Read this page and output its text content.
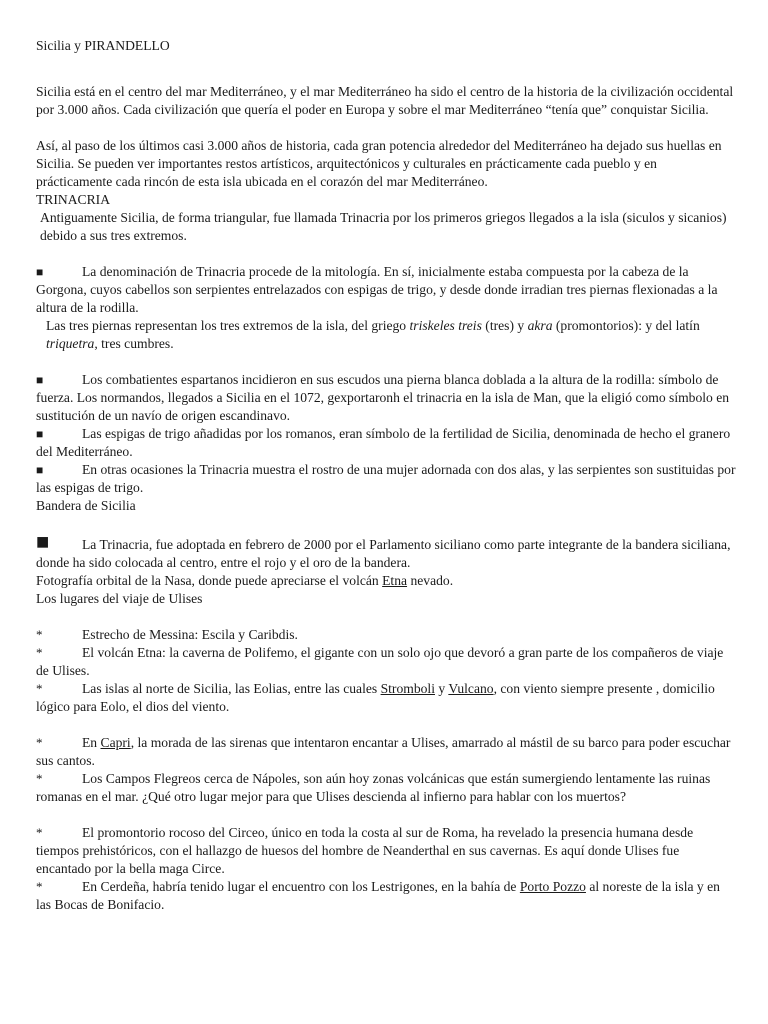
Sicilia y PIRANDELLO

Sicilia está en el centro del mar Mediterráneo, y el mar Mediterráneo ha sido el centro de la historia de la civilización occidental por 3.000 años. Cada civilización que quería el poder en Europa y sobre el mar Mediterráneo “tenía que” conquistar Sicilia.

Así, al paso de los últimos casi 3.000 años de historia, cada gran potencia alrededor del Mediterráneo ha dejado sus huellas en Sicilia. Se pueden ver importantes restos artísticos, arquitectónicos y culturales en prácticamente cada pueblo y en prácticamente cada rincón de esta isla ubicada en el corazón del mar Mediterráneo.

TRINACRIA

Antiguamente Sicilia, de forma triangular, fue llamada Trinacria por los primeros griegos llegados a la isla (siculos y sicanios) debido a sus tres extremos.

■	La denominación de Trinacria procede de la mitología. En sí, inicialmente estaba compuesta por la cabeza de la Gorgona, cuyos cabellos son serpientes entrelazados con espigas de trigo, y desde donde irradian tres piernas flexionadas a la altura de la rodilla.

Las tres piernas representan los tres extremos de la isla, del griego triskeles treis (tres) y akra (promontorios): y del latín triquetra, tres cumbres.

■	Los combatientes espartanos incidieron en sus escudos una pierna blanca doblada a la altura de la rodilla: símbolo de fuerza. Los normandos, llegados a Sicilia en el 1072, gexportaronh el trinacria en la isla de Man, que la eligió como símbolo en sustitución de un navío de origen escandinavo.

■	Las espigas de trigo añadidas por los romanos, eran símbolo de la fertilidad de Sicilia, denominada de hecho el granero del Mediterráneo.

■	En otras ocasiones la Trinacria muestra el rostro de una mujer adornada con dos alas, y las serpientes son sustituidas por las espigas de trigo.

Bandera de Sicilia

■ La Trinacria, fue adoptada en febrero de 2000 por el Parlamento siciliano como parte integrante de la bandera siciliana, donde ha sido colocada al centro, entre el rojo y el oro de la bandera.

Fotografía orbital de la Nasa, donde puede apreciarse el volcán Etna nevado.

Los lugares del viaje de Ulises

*	Estrecho de Messina: Escila y Caribdis.

*	El volcán Etna: la caverna de Polifemo, el gigante con un solo ojo que devoró a gran parte de los compañeros de viaje de Ulises.

*	Las islas al norte de Sicilia, las Eolias, entre las cuales Stromboli y Vulcano, con viento siempre presente , domicilio lógico para Eolo, el dios del viento.

*	En Capri, la morada de las sirenas que intentaron encantar a Ulises, amarrado al mástil de su barco para poder escuchar sus cantos.

*	Los Campos Flegreos cerca de Nápoles, son aún hoy zonas volcánicas que están sumergiendo lentamente las ruinas romanas en el mar. ¿Qué otro lugar mejor para que Ulises descienda al infierno para hablar con los muertos?

*	El promontorio rocoso del Circeo, único en toda la costa al sur de Roma, ha revelado la presencia humana desde tiempos prehistóricos, con el hallazgo de huesos del hombre de Neanderthal en sus cavernas. Es aquí donde Ulises fue encantado por la bella maga Circe.

*	En Cerdeña, habría tenido lugar el encuentro con los Lestrigones, en la bahía de Porto Pozzo al noreste de la isla y en las Bocas de Bonifacio.
